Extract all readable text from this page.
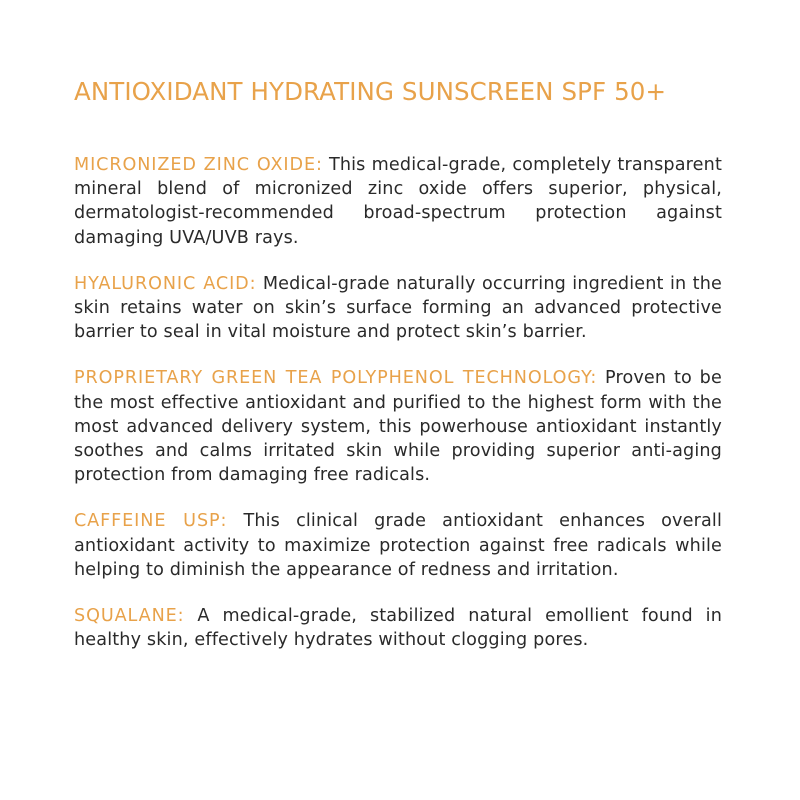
ANTIOXIDANT HYDRATING SUNSCREEN SPF 50+

MICRONIZED ZINC OXIDE: This medical-grade, completely transparent mineral blend of micronized zinc oxide offers superior, physical, dermatologist-recommended broad-spectrum protection against damaging UVA/UVB rays.

HYALURONIC ACID: Medical-grade naturally occurring ingredient in the skin retains water on skin’s surface forming an advanced protective barrier to seal in vital moisture and protect skin’s barrier.

PROPRIETARY GREEN TEA POLYPHENOL TECHNOLOGY: Proven to be the most effective antioxidant and purified to the highest form with the most advanced delivery system, this powerhouse antioxidant instantly soothes and calms irritated skin while providing superior anti-aging protection from damaging free radicals.

CAFFEINE USP: This clinical grade antioxidant enhances overall antioxidant activity to maximize protection against free radicals while helping to diminish the appearance of redness and irritation.

SQUALANE: A medical-grade, stabilized natural emollient found in healthy skin, effectively hydrates without clogging pores.
